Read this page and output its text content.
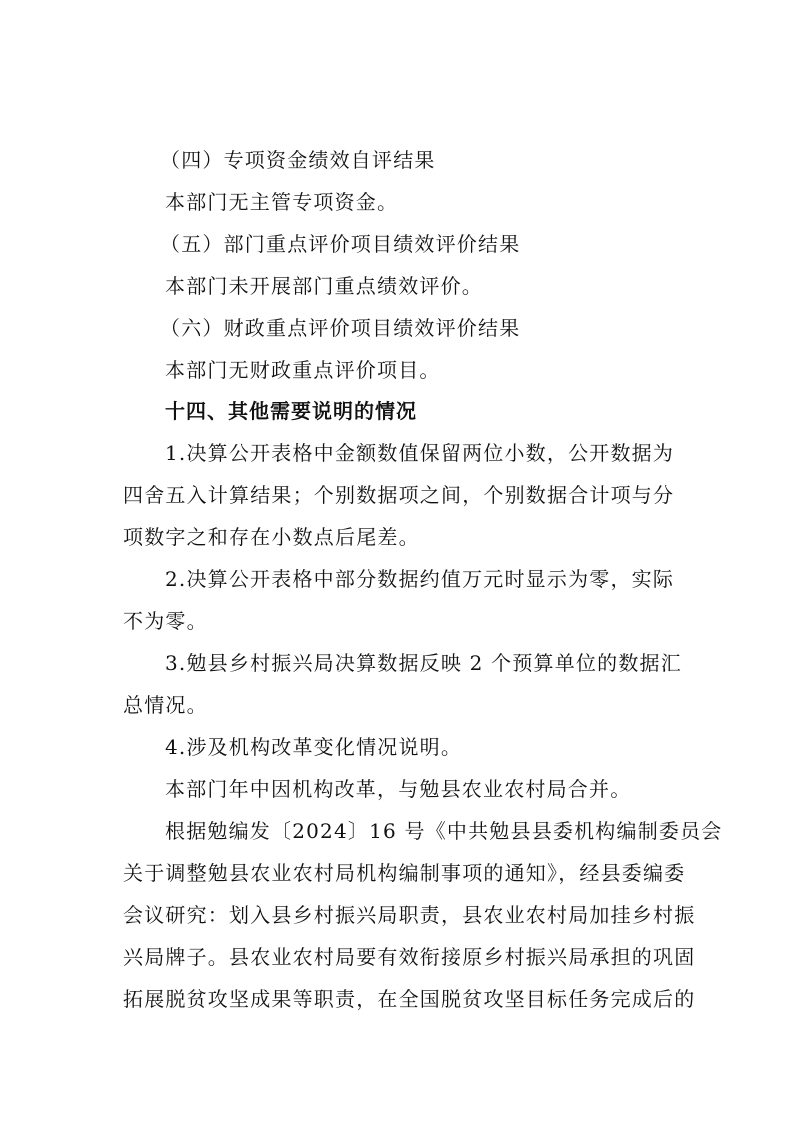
（四）专项资金绩效自评结果
本部门无主管专项资金。
（五）部门重点评价项目绩效评价结果
本部门未开展部门重点绩效评价。
（六）财政重点评价项目绩效评价结果
本部门无财政重点评价项目。
十四、其他需要说明的情况
1.决算公开表格中金额数值保留两位小数，公开数据为
四舍五入计算结果；个别数据项之间，个别数据合计项与分
项数字之和存在小数点后尾差。
2.决算公开表格中部分数据约值万元时显示为零，实际
不为零。
3.勉县乡村振兴局决算数据反映 2 个预算单位的数据汇
总情况。
4.涉及机构改革变化情况说明。
本部门年中因机构改革，与勉县农业农村局合并。
根据勉编发〔2024〕16 号《中共勉县县委机构编制委员会
关于调整勉县农业农村局机构编制事项的通知》，经县委编委
会议研究：划入县乡村振兴局职责，县农业农村局加挂乡村振
兴局牌子。县农业农村局要有效衔接原乡村振兴局承担的巩固
拓展脱贫攻坚成果等职责，在全国脱贫攻坚目标任务完成后的
